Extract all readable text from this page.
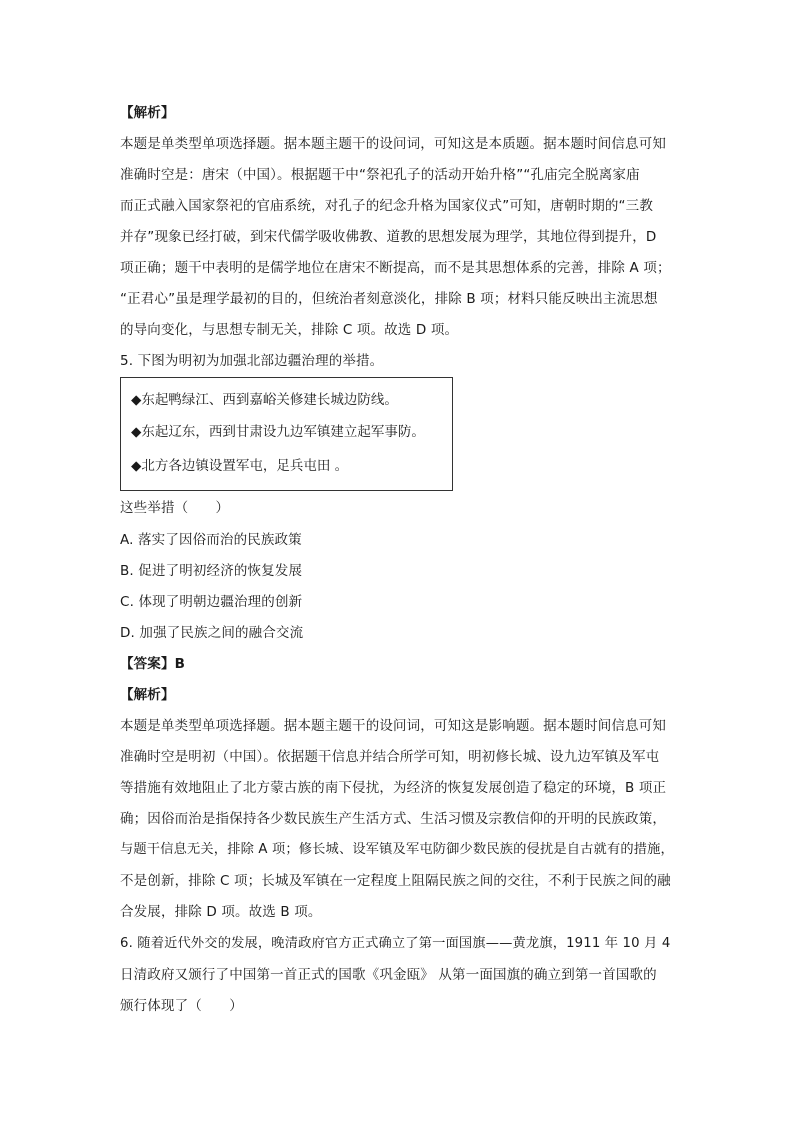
【解析】
本题是单类型单项选择题。据本题主题干的设问词，可知这是本质题。据本题时间信息可知
准确时空是：唐宋（中国）。根据题干中“祭祀孔子的活动开始升格”“孔庙完全脱离家庙
而正式融入国家祭祀的官庙系统，对孔子的纪念升格为国家仪式”可知，唐朝时期的“三教
并存”现象已经打破，到宋代儒学吸收佛教、道教的思想发展为理学，其地位得到提升，D
项正确；题干中表明的是儒学地位在唐宋不断提高，而不是其思想体系的完善，排除 A 项；
“正君心”虽是理学最初的目的，但统治者刻意淡化，排除 B 项；材料只能反映出主流思想
的导向变化，与思想专制无关，排除 C 项。故选 D 项。
5. 下图为明初为加强北部边疆治理的举措。
◆东起鸭绿江、西到嘉峪关修建长城边防线。
◆东起辽东，西到甘肃设九边军镇建立起军事防。
◆北方各边镇设置军屯，足兵屯田 。
这些举措（　　）
A. 落实了因俗而治的民族政策
B. 促进了明初经济的恢复发展
C. 体现了明朝边疆治理的创新
D. 加强了民族之间的融合交流
【答案】B
【解析】
本题是单类型单项选择题。据本题主题干的设问词，可知这是影响题。据本题时间信息可知
准确时空是明初（中国）。依据题干信息并结合所学可知，明初修长城、设九边军镇及军屯
等措施有效地阻止了北方蒙古族的南下侵扰，为经济的恢复发展创造了稳定的环境，B 项正
确；因俗而治是指保持各少数民族生产生活方式、生活习惯及宗教信仰的开明的民族政策，
与题干信息无关，排除 A 项；修长城、设军镇及军屯防御少数民族的侵扰是自古就有的措施，
不是创新，排除 C 项；长城及军镇在一定程度上阻隔民族之间的交往，不利于民族之间的融
合发展，排除 D 项。故选 B 项。
6. 随着近代外交的发展，晚清政府官方正式确立了第一面国旗——黄龙旗，1911 年 10 月 4
日清政府又颁行了中国第一首正式的国歌《巩金瓯》 从第一面国旗的确立到第一首国歌的
颁行体现了（　　）
